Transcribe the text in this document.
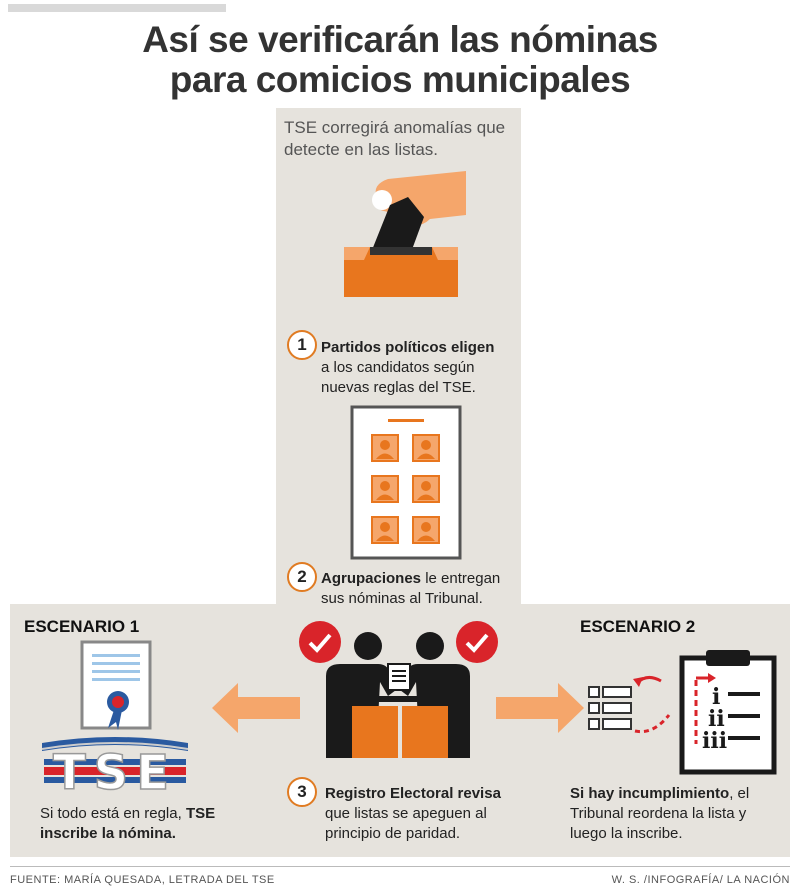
Así se verificarán las nóminas
para comicios municipales
TSE corregirá anomalías que detecte en las listas.
1 Partidos políticos eligen
a los candidatos según nuevas reglas del TSE.
2 Agrupaciones le entregan sus nóminas al Tribunal.
ESCENARIO 1	ESCENARIO 2
TSE
Si todo está en regla, TSE inscribe la nómina.
3	Registro Electoral revisa
que listas se apeguen al principio de paridad.
i
ii
iii
Si hay incumplimiento, el Tribunal reordena la lista y luego la inscribe.
FUENTE: MARÍA QUESADA, LETRADA DEL TSE	W. S. /INFOGRAFÍA/ LA NACIÓN
